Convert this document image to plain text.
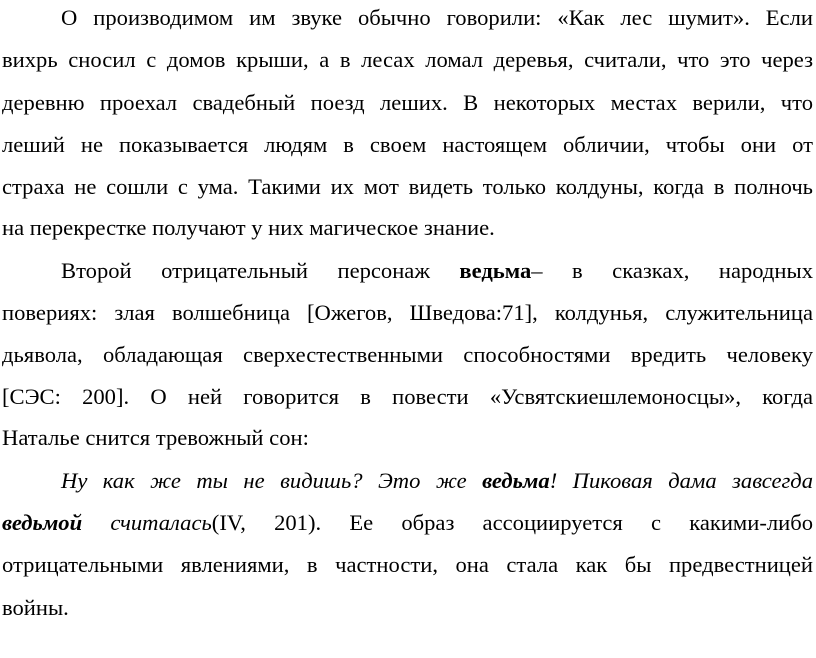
О производимом им звуке обычно говорили: «Как лес шумит». Если
вихрь сносил с домов крыши, а в лесах ломал деревья, считали, что это через
деревню проехал свадебный поезд леших. В некоторых местах верили, что
леший не показывается людям в своем настоящем обличии, чтобы они от
страха не сошли с ума. Такими их мот видеть только колдуны, когда в полночь
на перекрестке получают у них магическое знание.
Второй отрицательный персонаж ведьма– в сказках, народных
повериях: злая волшебница [Ожегов, Шведова:71], колдунья, служительница
дьявола, обладающая сверхестественными способностями вредить человеку
[СЭС: 200]. О ней говорится в повести «Усвятскиешлемоносцы», когда
Наталье снится тревожный сон:
Ну как же ты не видишь? Это же ведьма! Пиковая дама завсегда
ведьмой считалась(IV, 201). Ее образ ассоциируется с какими-либо
отрицательными явлениями, в частности, она стала как бы предвестницей
войны.
